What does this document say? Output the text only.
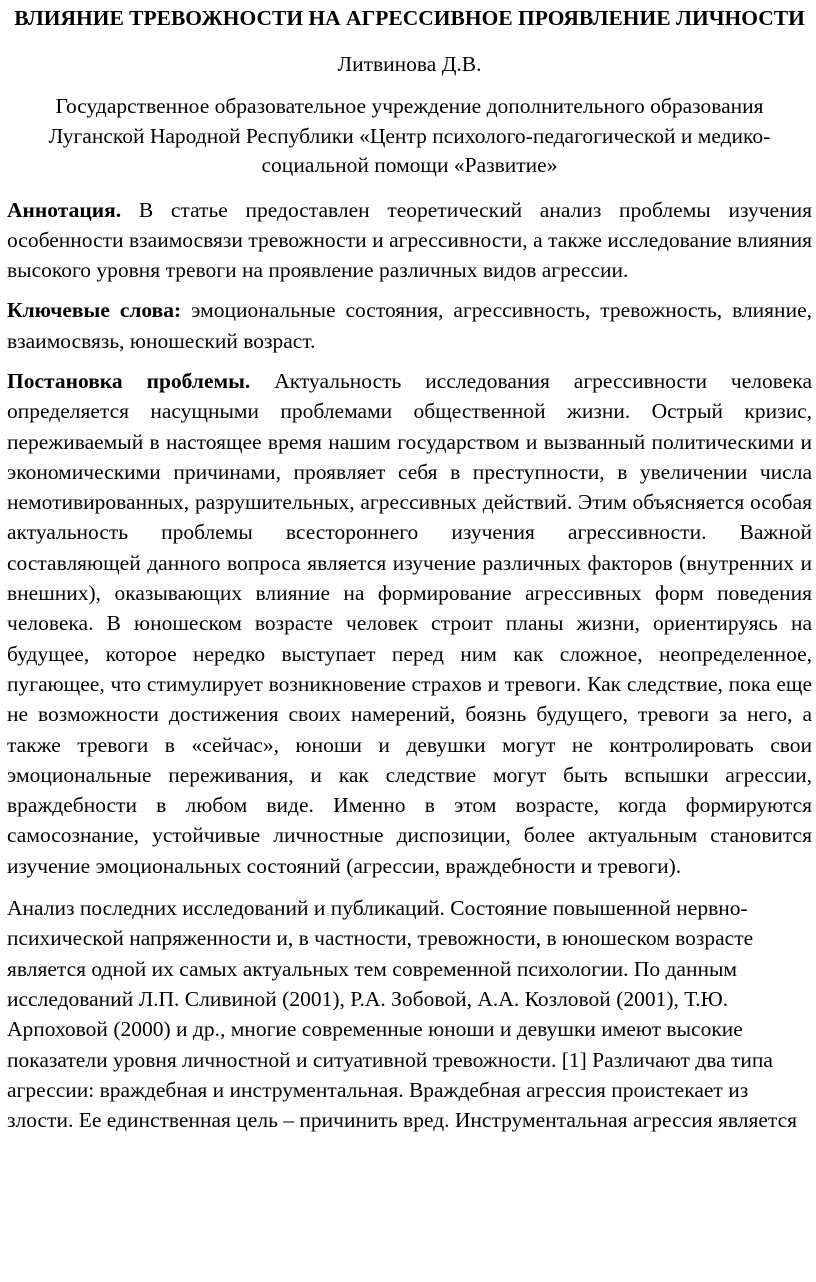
ВЛИЯНИЕ ТРЕВОЖНОСТИ НА АГРЕССИВНОЕ ПРОЯВЛЕНИЕ ЛИЧНОСТИ

Литвинова Д.В.

Государственное образовательное учреждение дополнительного образования Луганской Народной Республики «Центр психолого-педагогической и медико-социальной помощи «Развитие»

Аннотация. В статье предоставлен теоретический анализ проблемы изучения особенности взаимосвязи тревожности и агрессивности, а также исследование влияния высокого уровня тревоги на проявление различных видов агрессии.

Ключевые слова: эмоциональные состояния, агрессивность, тревожность, влияние, взаимосвязь, юношеский возраст.

Постановка проблемы. Актуальность исследования агрессивности человека определяется насущными проблемами общественной жизни. Острый кризис, переживаемый в настоящее время нашим государством и вызванный политическими и экономическими причинами, проявляет себя в преступности, в увеличении числа немотивированных, разрушительных, агрессивных действий. Этим объясняется особая актуальность проблемы всестороннего изучения агрессивности. Важной составляющей данного вопроса является изучение различных факторов (внутренних и внешних), оказывающих влияние на формирование агрессивных форм поведения человека. В юношеском возрасте человек строит планы жизни, ориентируясь на будущее, которое нередко выступает перед ним как сложное, неопределенное, пугающее, что стимулирует возникновение страхов и тревоги. Как следствие, пока еще не возможности достижения своих намерений, боязнь будущего, тревоги за него, а также тревоги в «сейчас», юноши и девушки могут не контролировать свои эмоциональные переживания, и как следствие могут быть вспышки агрессии, враждебности в любом виде. Именно в этом возрасте, когда формируются самосознание, устойчивые личностные диспозиции, более актуальным становится изучение эмоциональных состояний (агрессии, враждебности и тревоги).

Анализ последних исследований и публикаций. Состояние повышенной нервно-психической напряженности и, в частности, тревожности, в юношеском возрасте является одной их самых актуальных тем современной психологии. По данным исследований Л.П. Сливиной (2001), Р.А. Зобовой, А.А. Козловой (2001), Т.Ю. Арпоховой (2000) и др., многие современные юноши и девушки имеют высокие показатели уровня личностной и ситуативной тревожности. [1] Различают два типа агрессии: враждебная и инструментальная. Враждебная агрессия проистекает из злости. Ее единственная цель – причинить вред. Инструментальная агрессия является
